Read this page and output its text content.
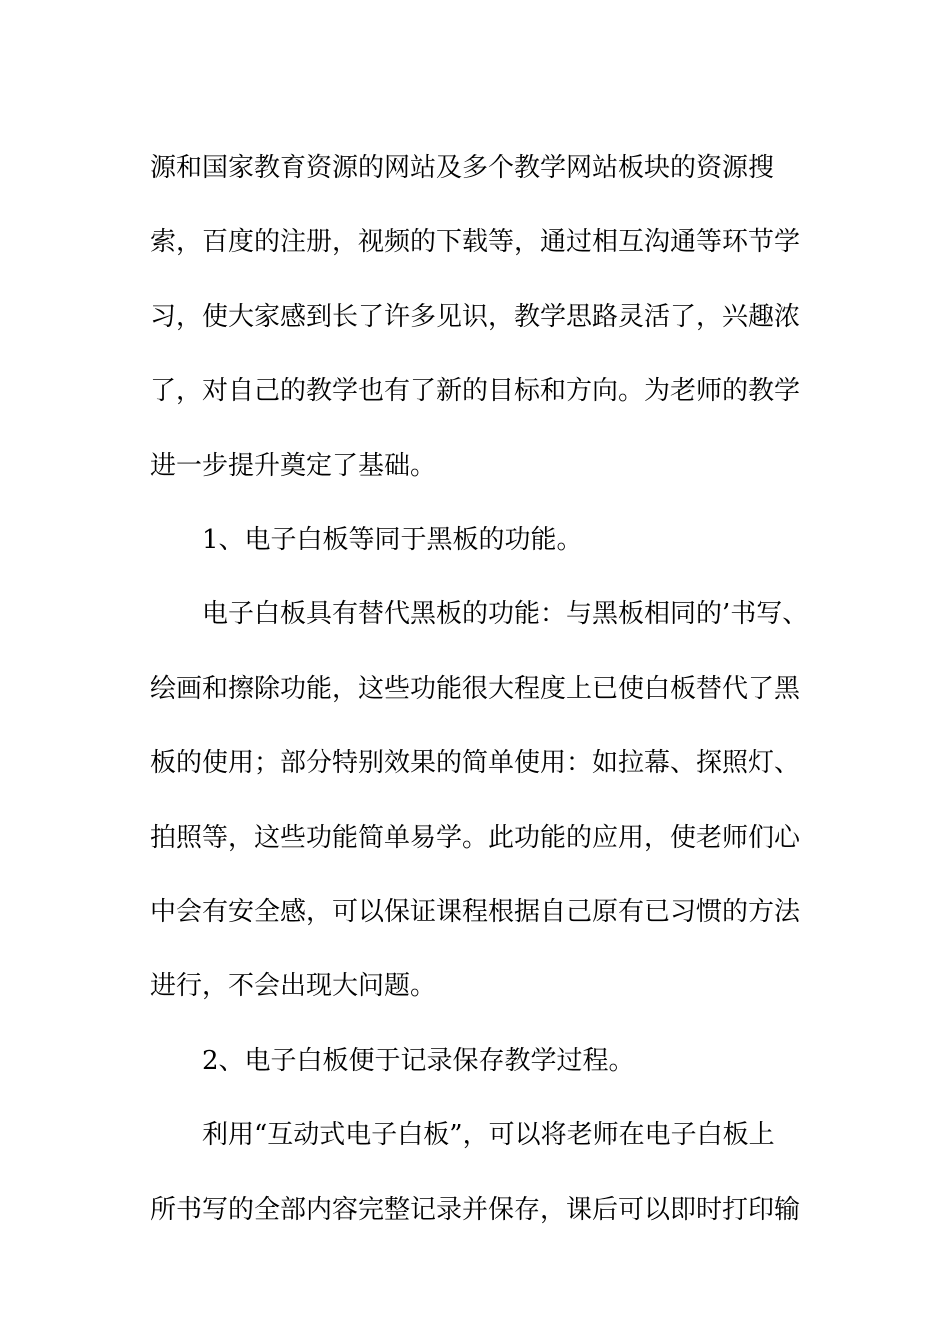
源和国家教育资源的网站及多个教学网站板块的资源搜

索，百度的注册，视频的下载等，通过相互沟通等环节学

习，使大家感到长了许多见识，教学思路灵活了，兴趣浓

了，对自己的教学也有了新的目标和方向。为老师的教学

进一步提升奠定了基础。

1、电子白板等同于黑板的功能。

电子白板具有替代黑板的功能：与黑板相同的’书写、

绘画和擦除功能，这些功能很大程度上已使白板替代了黑

板的使用；部分特别效果的简单使用：如拉幕、探照灯、

拍照等，这些功能简单易学。此功能的应用，使老师们心

中会有安全感，可以保证课程根据自己原有已习惯的方法

进行，不会出现大问题。

2、电子白板便于记录保存教学过程。

利用“互动式电子白板”，可以将老师在电子白板上

所书写的全部内容完整记录并保存，课后可以即时打印输
